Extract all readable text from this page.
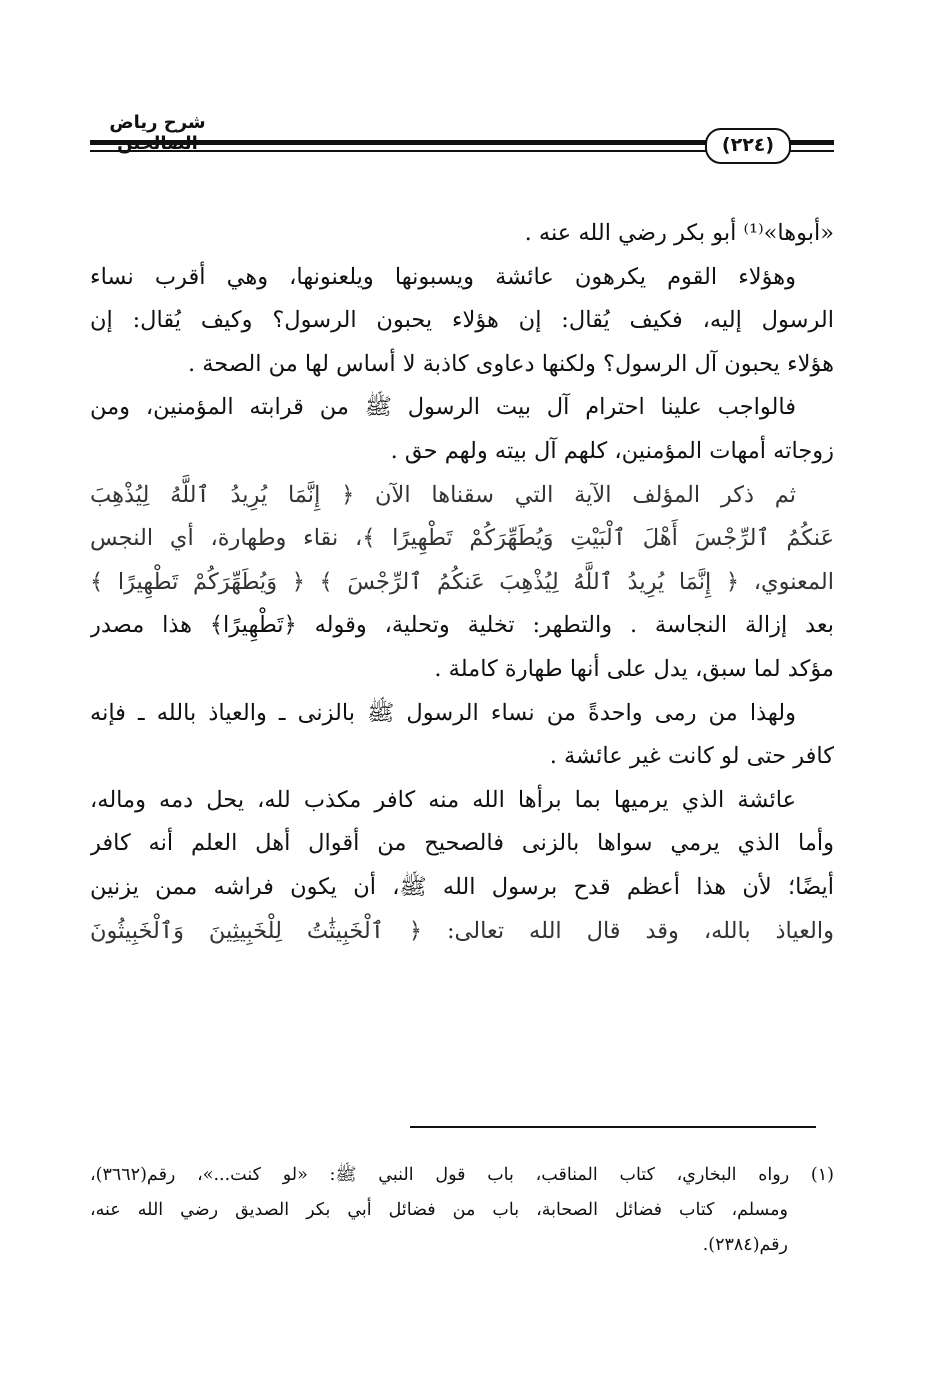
شرح رياض
(٢٢٤)
«أبوها»⁽¹⁾ أبو بكر رضي الله عنه .
وهؤلاء القوم يكرهون عائشة ويسبونها ويلعنونها، وهي أقرب نساء
الرسول إليه، فكيف يُقال: إن هؤلاء يحبون الرسول؟ وكيف يُقال: إن
هؤلاء يحبون آل الرسول؟ ولكنها دعاوى كاذبة لا أساس لها من الصحة .
فالواجب علينا احترام آل بيت الرسول ﷺ من قرابته المؤمنين، ومن
زوجاته أمهات المؤمنين، كلهم آل بيته ولهم حق .
ثم ذكر المؤلف الآية التي سقناها الآن ﴿ إِنَّمَا يُرِيدُ ٱللَّهُ لِيُذْهِبَ
عَنكُمُ ٱلرِّجْسَ أَهْلَ ٱلْبَيْتِ وَيُطَهِّرَكُمْ تَطْهِيرًا ﴾، نقاء وطهارة، أي النجس
المعنوي، ﴿ إِنَّمَا يُرِيدُ ٱللَّهُ لِيُذْهِبَ عَنكُمُ ٱلرِّجْسَ ﴾ ﴿ وَيُطَهِّرَكُمْ تَطْهِيرًا ﴾
بعد إزالة النجاسة . والتطهر: تخلية وتحلية، وقوله ﴿تَطْهِيرًا﴾ هذا مصدر
مؤكد لما سبق، يدل على أنها طهارة كاملة .
ولهذا من رمى واحدةً من نساء الرسول ﷺ بالزنى ـ والعياذ بالله ـ فإنه
كافر حتى لو كانت غير عائشة .
عائشة الذي يرميها بما برأها الله منه كافر مكذب لله، يحل دمه وماله،
وأما الذي يرمي سواها بالزنى فالصحيح من أقوال أهل العلم أنه كافر
أيضًا؛ لأن هذا أعظم قدح برسول الله ﷺ، أن يكون فراشه ممن يزنين
والعياذ بالله، وقد قال الله تعالى: ﴿ ٱلْخَبِيثَٰتُ لِلْخَبِيثِينَ وَٱلْخَبِيثُونَ
(١) رواه البخاري، كتاب المناقب، باب قول النبي ﷺ: «لو كنت...»، رقم(٣٦٦٢)،
ومسلم، كتاب فضائل الصحابة، باب من فضائل أبي بكر الصديق رضي الله عنه،
رقم(٢٣٨٤).
